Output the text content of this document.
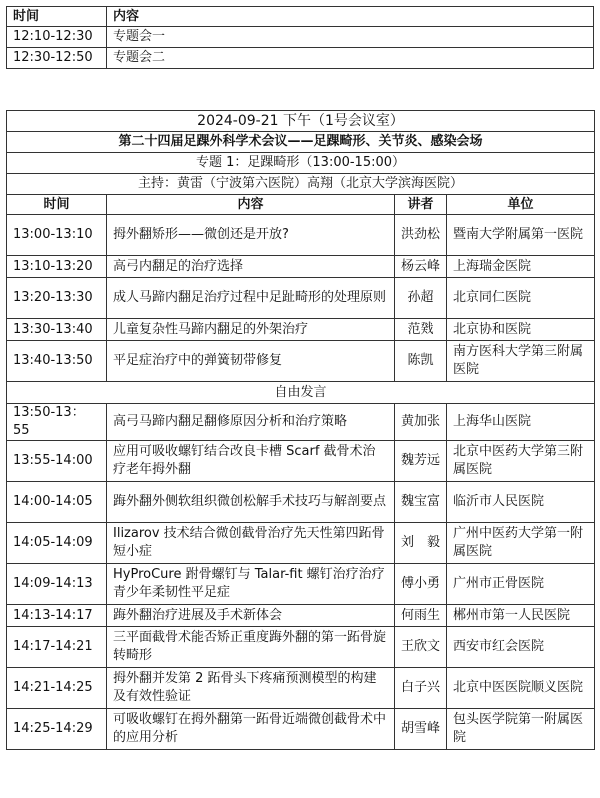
时间	内容
12:10-12:30	专题会一
12:30-12:50	专题会二
2024-09-21 下午（1号会议室）			
第二十四届足踝外科学术会议——足踝畸形、关节炎、感染会场			
专题 1：足踝畸形（13:00-15:00）			
主持：黄雷（宁波第六医院）高翔（北京大学滨海医院）			
时间	内容	讲者	单位
13:00-13:10	拇外翻矫形——微创还是开放?	洪劲松	暨南大学附属第一医院
13:10-13:20	高弓内翻足的治疗选择	杨云峰	上海瑞金医院
13:20-13:30	成人马蹄内翻足治疗过程中足趾畸形的处理原则	孙超	北京同仁医院
13:30-13:40	儿童复杂性马蹄内翻足的外架治疗	范戣	北京协和医院
13:40-13:50	平足症治疗中的弹簧韧带修复	陈凯	南方医科大学第三附属医院
自由发言			
13:50-13：55	高弓马蹄内翻足翻修原因分析和治疗策略	黄加张	上海华山医院
13:55-14:00	应用可吸收螺钉结合改良卡槽 Scarf 截骨术治疗老年拇外翻	魏芳远	北京中医药大学第三附属医院
14:00-14:05	踇外翻外侧软组织微创松解手术技巧与解剖要点	魏宝富	临沂市人民医院
14:05-14:09	Ilizarov 技术结合微创截骨治疗先天性第四跖骨短小症	刘　毅	广州中医药大学第一附属医院
14:09-14:13	HyProCure 跗骨螺钉与 Talar-fit 螺钉治疗治疗青少年柔韧性平足症	傅小勇	广州市正骨医院
14:13-14:17	踇外翻治疗进展及手术新体会	何雨生	郴州市第一人民医院
14:17-14:21	三平面截骨术能否矫正重度踇外翻的第一跖骨旋转畸形	王欣文	西安市红会医院
14:21-14:25	拇外翻并发第 2 跖骨头下疼痛预测模型的构建及有效性验证	白子兴	北京中医医院顺义医院
14:25-14:29	可吸收螺钉在拇外翻第一跖骨近端微创截骨术中的应用分析	胡雪峰	包头医学院第一附属医院
